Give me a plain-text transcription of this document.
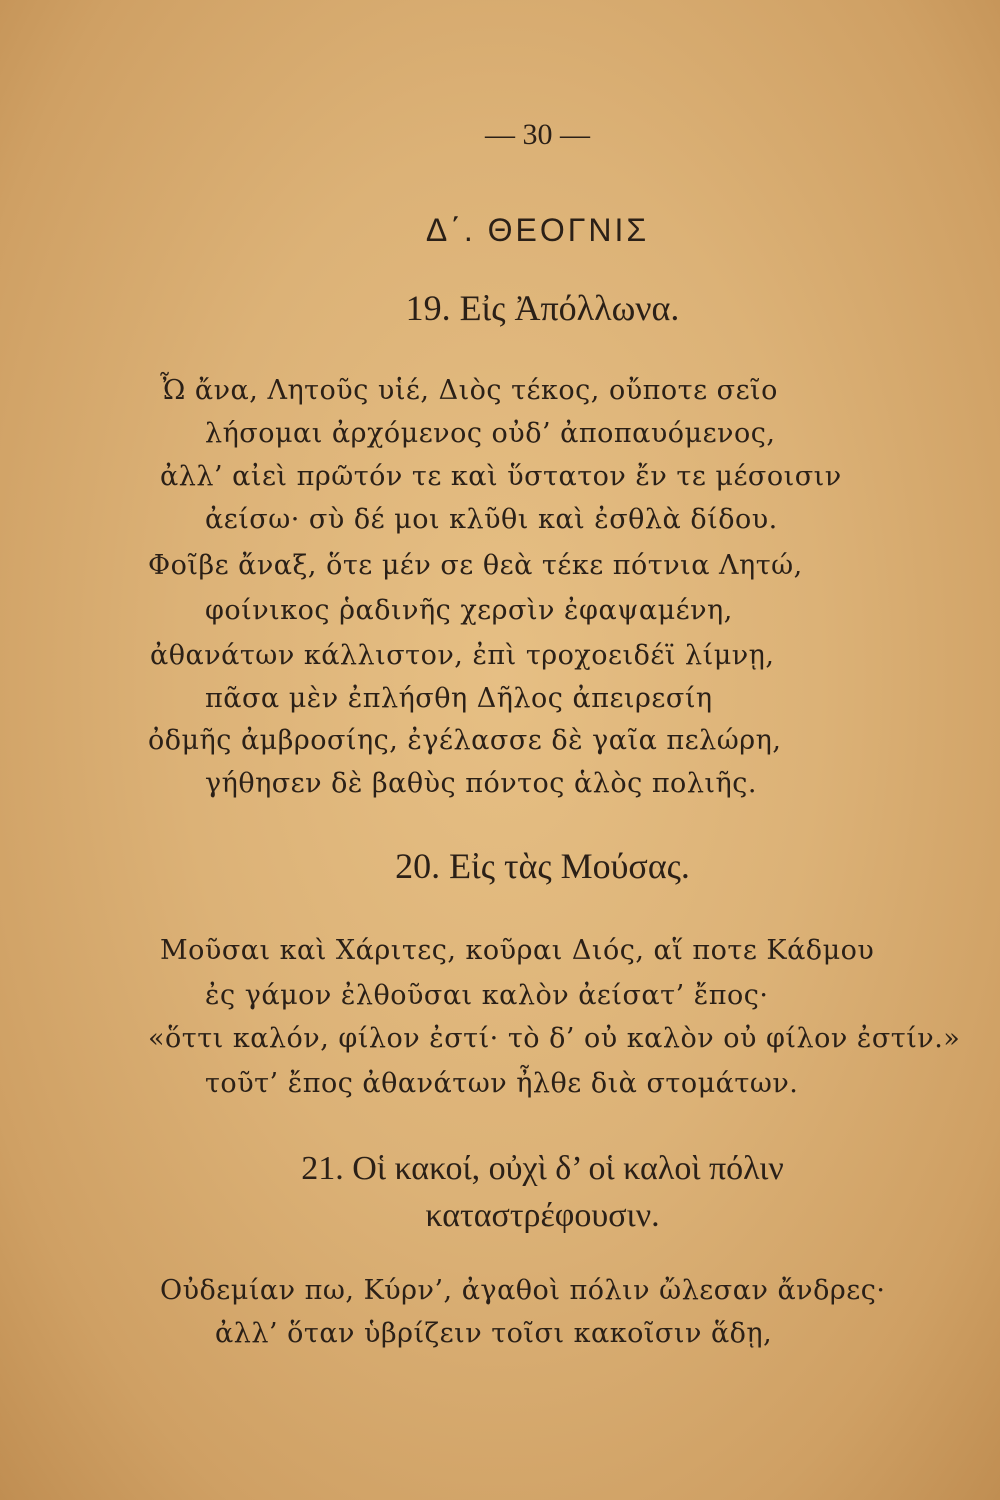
— 30 —
Δ΄. ΘΕΟΓΝΙΣ
19. Εἰς Ἀπόλλωνα.
Ὦ ἄνα, Λητοῦς υἱέ, Διὸς τέκος, οὔποτε σεῖο
λήσομαι ἀρχόμενος οὐδ’ ἀποπαυόμενος,
ἀλλ’ αἰεὶ πρῶτόν τε καὶ ὕστατον ἔν τε μέσοισιν
ἀείσω· σὺ δέ μοι κλῦθι καὶ ἐσθλὰ δίδου.
Φοῖβε ἄναξ, ὅτε μέν σε θεὰ τέκε πότνια Λητώ,
φοίνικος ῥαδινῆς χερσὶν ἐφαψαμένη,
ἀθανάτων κάλλιστον, ἐπὶ τροχοειδέϊ λίμνῃ,
πᾶσα μὲν ἐπλήσθη Δῆλος ἀπειρεσίη
ὀδμῆς ἀμβροσίης, ἐγέλασσε δὲ γαῖα πελώρη,
γήθησεν δὲ βαθὺς πόντος ἁλὸς πολιῆς.
20. Εἰς τὰς Μούσας.
Μοῦσαι καὶ Χάριτες, κοῦραι Διός, αἵ ποτε Κάδμου
ἐς γάμον ἐλθοῦσαι καλὸν ἀείσατ’ ἔπος·
«ὅττι καλόν, φίλον ἐστί· τὸ δ’ οὐ καλὸν οὐ φίλον ἐστίν.»
τοῦτ’ ἔπος ἀθανάτων ἦλθε διὰ στομάτων.
21. Οἱ κακοί, οὐχὶ δ’ οἱ καλοὶ πόλιν
καταστρέφουσιν.
Οὐδεμίαν πω, Κύρν’, ἀγαθοὶ πόλιν ὤλεσαν ἄνδρες·
ἀλλ’ ὅταν ὑβρίζειν τοῖσι κακοῖσιν ἅδῃ,
